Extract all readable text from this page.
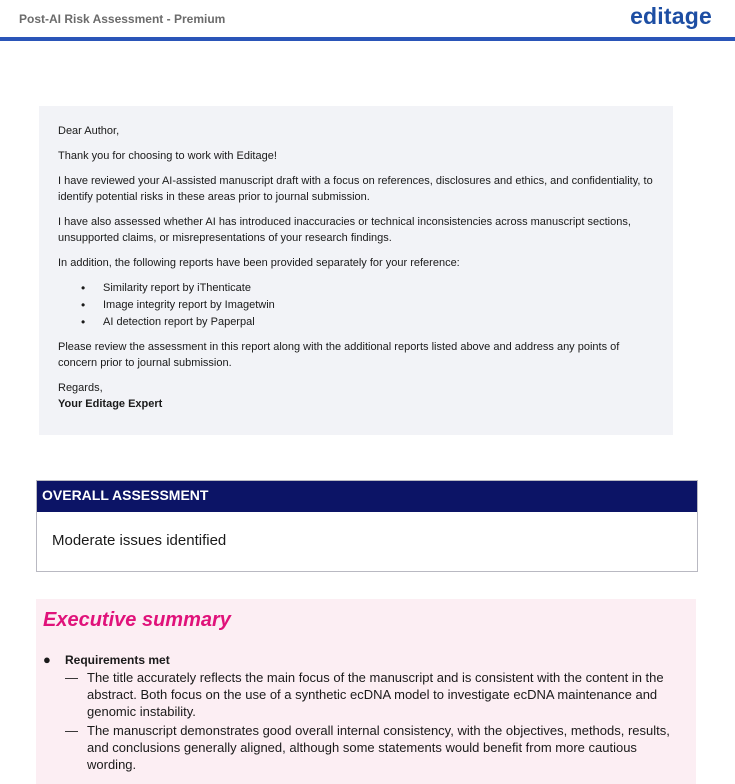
Post-AI Risk Assessment - Premium	editage

Dear Author,

Thank you for choosing to work with Editage!

I have reviewed your AI-assisted manuscript draft with a focus on references, disclosures and ethics, and confidentiality, to identify potential risks in these areas prior to journal submission.

I have also assessed whether AI has introduced inaccuracies or technical inconsistencies across manuscript sections, unsupported claims, or misrepresentations of your research findings.

In addition, the following reports have been provided separately for your reference:

• Similarity report by iThenticate
• Image integrity report by Imagetwin
• AI detection report by Paperpal

Please review the assessment in this report along with the additional reports listed above and address any points of concern prior to journal submission.

Regards,

Your Editage Expert

OVERALL ASSESSMENT
Moderate issues identified
Executive summary
● Requirements met
— The title accurately reflects the main focus of the manuscript and is consistent with the content in the abstract. Both focus on the use of a synthetic ecDNA model to investigate ecDNA maintenance and genomic instability.
— The manuscript demonstrates good overall internal consistency, with the objectives, methods, results, and conclusions generally aligned, although some statements would benefit from more cautious wording.
